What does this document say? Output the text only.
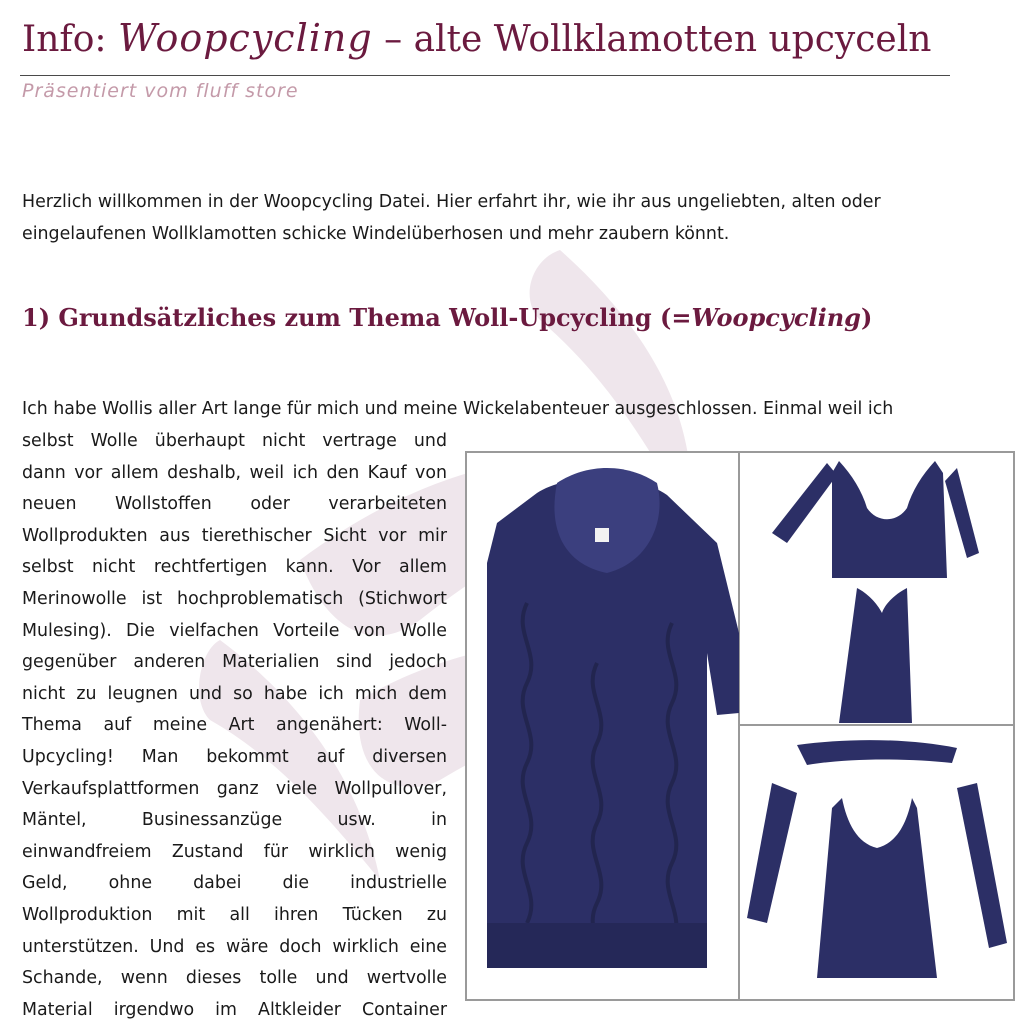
Info: Woopcycling – alte Wollklamotten upcyceln

Präsentiert vom fluff store

Herzlich willkommen in der Woopcycling Datei. Hier erfahrt ihr, wie ihr aus ungeliebten, alten oder eingelaufenen Wollklamotten schicke Windelüberhosen und mehr zaubern könnt.

1) Grundsätzliches zum Thema Woll-Upcycling (=Woopcycling)

Ich habe Wollis aller Art lange für mich und meine Wickelabenteuer ausgeschlossen. Einmal weil ich

selbst Wolle überhaupt nicht vertrage und
dann vor allem deshalb, weil ich den Kauf von
neuen Wollstoffen oder verarbeiteten
Wollprodukten aus tierethischer Sicht vor mir
selbst nicht rechtfertigen kann. Vor allem
Merinowolle ist hochproblematisch (Stichwort
Mulesing). Die vielfachen Vorteile von Wolle
gegenüber anderen Materialien sind jedoch
nicht zu leugnen und so habe ich mich dem
Thema auf meine Art angenähert: Woll-
Upcycling! Man bekommt auf diversen
Verkaufsplattformen ganz viele Wollpullover,
Mäntel, Businessanzüge usw. in
einwandfreiem Zustand für wirklich wenig
Geld, ohne dabei die industrielle
Wollproduktion mit all ihren Tücken zu
unterstützen. Und es wäre doch wirklich eine
Schande, wenn dieses tolle und wertvolle
Material irgendwo im Altkleider Container
